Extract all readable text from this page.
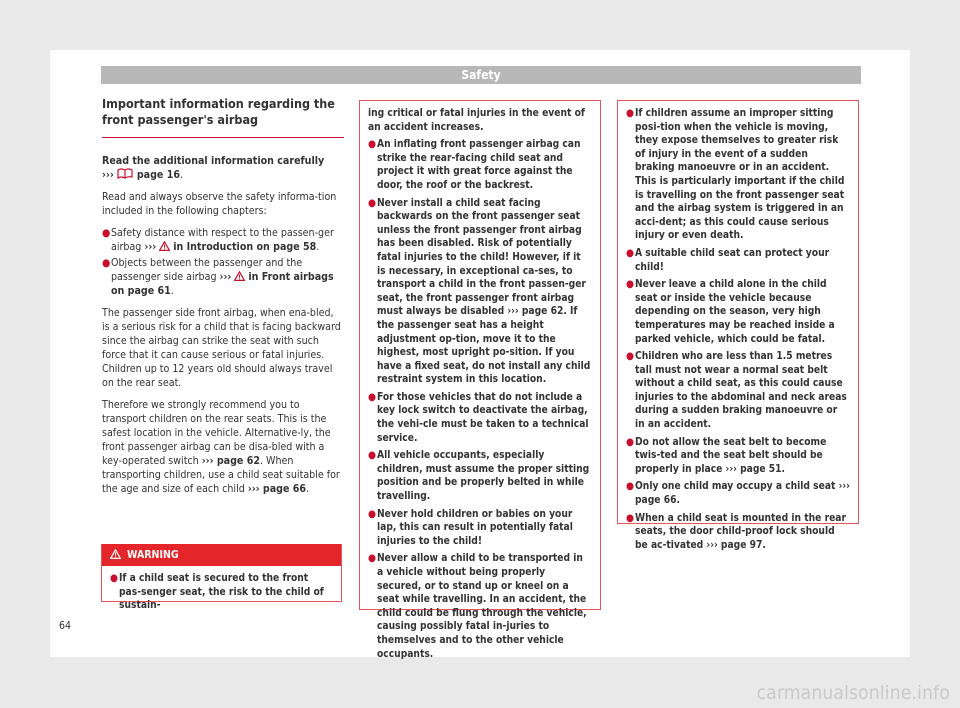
Safety
Important information regarding the front passenger's airbag

Read the additional information carefully
››› page 16.

Read and always observe the safety informa-tion included in the following chapters:

● Safety distance with respect to the passen-ger airbag ››› in Introduction on page 58.
● Objects between the passenger and the passenger side airbag ››› in Front airbags on page 61.

The passenger side front airbag, when ena-bled, is a serious risk for a child that is facing backward since the airbag can strike the seat with such force that it can cause serious or fatal injuries. Children up to 12 years old should always travel on the rear seat.

Therefore we strongly recommend you to transport children on the rear seats. This is the safest location in the vehicle. Alternative-ly, the front passenger airbag can be disa-bled with a key-operated switch ››› page 62. When transporting children, use a child seat suitable for the age and size of each child ››› page 66.

WARNING
● If a child seat is secured to the front pas-senger seat, the risk to the child of sustain-
ing critical or fatal injuries in the event of an accident increases.
● An inflating front passenger airbag can strike the rear-facing child seat and project it with great force against the door, the roof or the backrest.
● Never install a child seat facing backwards on the front passenger seat unless the front passenger front airbag has been disabled. Risk of potentially fatal injuries to the child! However, if it is necessary, in exceptional ca-ses, to transport a child in the front passen-ger seat, the front passenger front airbag must always be disabled ››› page 62. If the passenger seat has a height adjustment op-tion, move it to the highest, most upright po-sition. If you have a fixed seat, do not install any child restraint system in this location.
● For those vehicles that do not include a key lock switch to deactivate the airbag, the vehi-cle must be taken to a technical service.
● All vehicle occupants, especially children, must assume the proper sitting position and be properly belted in while travelling.
● Never hold children or babies on your lap, this can result in potentially fatal injuries to the child!
● Never allow a child to be transported in a vehicle without being properly secured, or to stand up or kneel on a seat while travelling. In an accident, the child could be flung through the vehicle, causing possibly fatal in-juries to themselves and to the other vehicle occupants.
● If children assume an improper sitting posi-tion when the vehicle is moving, they expose themselves to greater risk of injury in the event of a sudden braking manoeuvre or in an accident. This is particularly important if the child is travelling on the front passenger seat and the airbag system is triggered in an acci-dent; as this could cause serious injury or even death.
● A suitable child seat can protect your child!
● Never leave a child alone in the child seat or inside the vehicle because depending on the season, very high temperatures may be reached inside a parked vehicle, which could be fatal.
● Children who are less than 1.5 metres tall must not wear a normal seat belt without a child seat, as this could cause injuries to the abdominal and neck areas during a sudden braking manoeuvre or in an accident.
● Do not allow the seat belt to become twis-ted and the seat belt should be properly in place ››› page 51.
● Only one child may occupy a child seat ››› page 66.
● When a child seat is mounted in the rear seats, the door child-proof lock should be ac-tivated ››› page 97.
64
carmanualsonline.info
